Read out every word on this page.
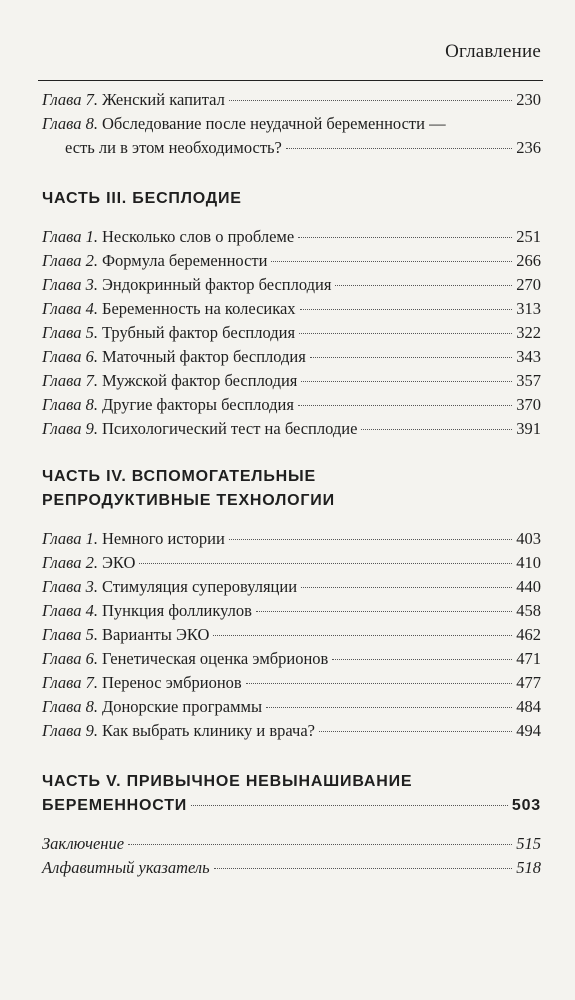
Оглавление
Глава 7. Женский капитал	230
Глава 8. Обследование после неудачной беременности —
есть ли в этом необходимость?	236
ЧАСТЬ III. БЕСПЛОДИЕ
Глава 1. Несколько слов о проблеме	251
Глава 2. Формула беременности	266
Глава 3. Эндокринный фактор бесплодия	270
Глава 4. Беременность на колесиках	313
Глава 5. Трубный фактор бесплодия	322
Глава 6. Маточный фактор бесплодия	343
Глава 7. Мужской фактор бесплодия	357
Глава 8. Другие факторы бесплодия	370
Глава 9. Психологический тест на бесплодие	391
ЧАСТЬ IV. ВСПОМОГАТЕЛЬНЫЕ
РЕПРОДУКТИВНЫЕ ТЕХНОЛОГИИ
Глава 1. Немного истории	403
Глава 2. ЭКО	410
Глава 3. Стимуляция суперовуляции	440
Глава 4. Пункция фолликулов	458
Глава 5. Варианты ЭКО	462
Глава 6. Генетическая оценка эмбрионов	471
Глава 7. Перенос эмбрионов	477
Глава 8. Донорские программы	484
Глава 9. Как выбрать клинику и врача?	494
ЧАСТЬ V. ПРИВЫЧНОЕ НЕВЫНАШИВАНИЕ
БЕРЕМЕННОСТИ	503
Заключение	515
Алфавитный указатель	518
